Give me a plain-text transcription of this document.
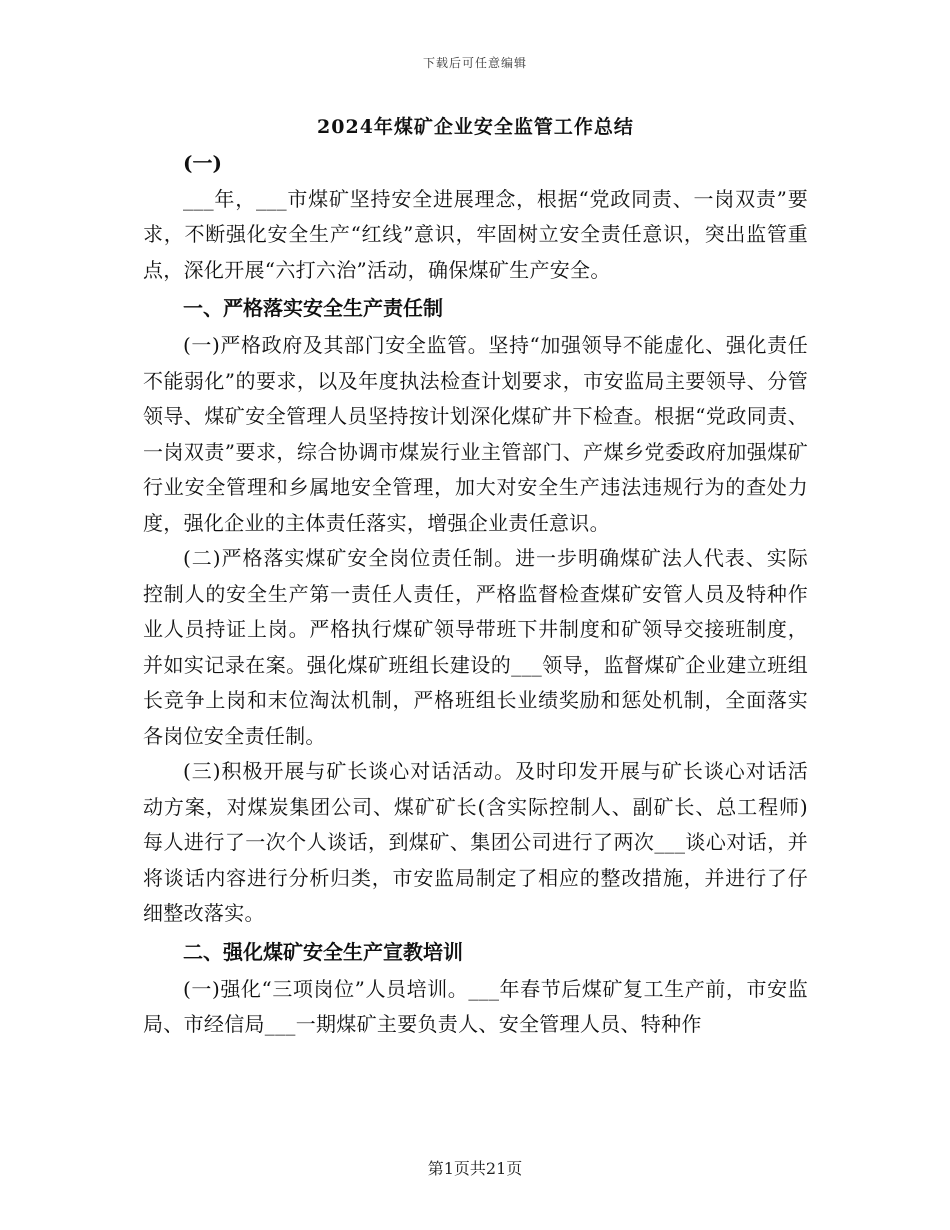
下载后可任意编辑
2024年煤矿企业安全监管工作总结

(一)

___年，___市煤矿坚持安全进展理念，根据“党政同责、一岗双责”要求，不断强化安全生产“红线”意识，牢固树立安全责任意识，突出监管重点，深化开展“六打六治”活动，确保煤矿生产安全。

一、严格落实安全生产责任制

(一)严格政府及其部门安全监管。坚持“加强领导不能虚化、强化责任不能弱化”的要求，以及年度执法检查计划要求，市安监局主要领导、分管领导、煤矿安全管理人员坚持按计划深化煤矿井下检查。根据“党政同责、一岗双责”要求，综合协调市煤炭行业主管部门、产煤乡党委政府加强煤矿行业安全管理和乡属地安全管理，加大对安全生产违法违规行为的查处力度，强化企业的主体责任落实，增强企业责任意识。

(二)严格落实煤矿安全岗位责任制。进一步明确煤矿法人代表、实际控制人的安全生产第一责任人责任，严格监督检查煤矿安管人员及特种作业人员持证上岗。严格执行煤矿领导带班下井制度和矿领导交接班制度，并如实记录在案。强化煤矿班组长建设的___领导，监督煤矿企业建立班组长竞争上岗和末位淘汰机制，严格班组长业绩奖励和惩处机制，全面落实各岗位安全责任制。

(三)积极开展与矿长谈心对话活动。及时印发开展与矿长谈心对话活动方案，对煤炭集团公司、煤矿矿长(含实际控制人、副矿长、总工程师)每人进行了一次个人谈话，到煤矿、集团公司进行了两次___谈心对话，并将谈话内容进行分析归类，市安监局制定了相应的整改措施，并进行了仔细整改落实。

二、强化煤矿安全生产宣教培训

(一)强化“三项岗位”人员培训。___年春节后煤矿复工生产前，市安监局、市经信局___一期煤矿主要负责人、安全管理人员、特种作

第1页共21页
